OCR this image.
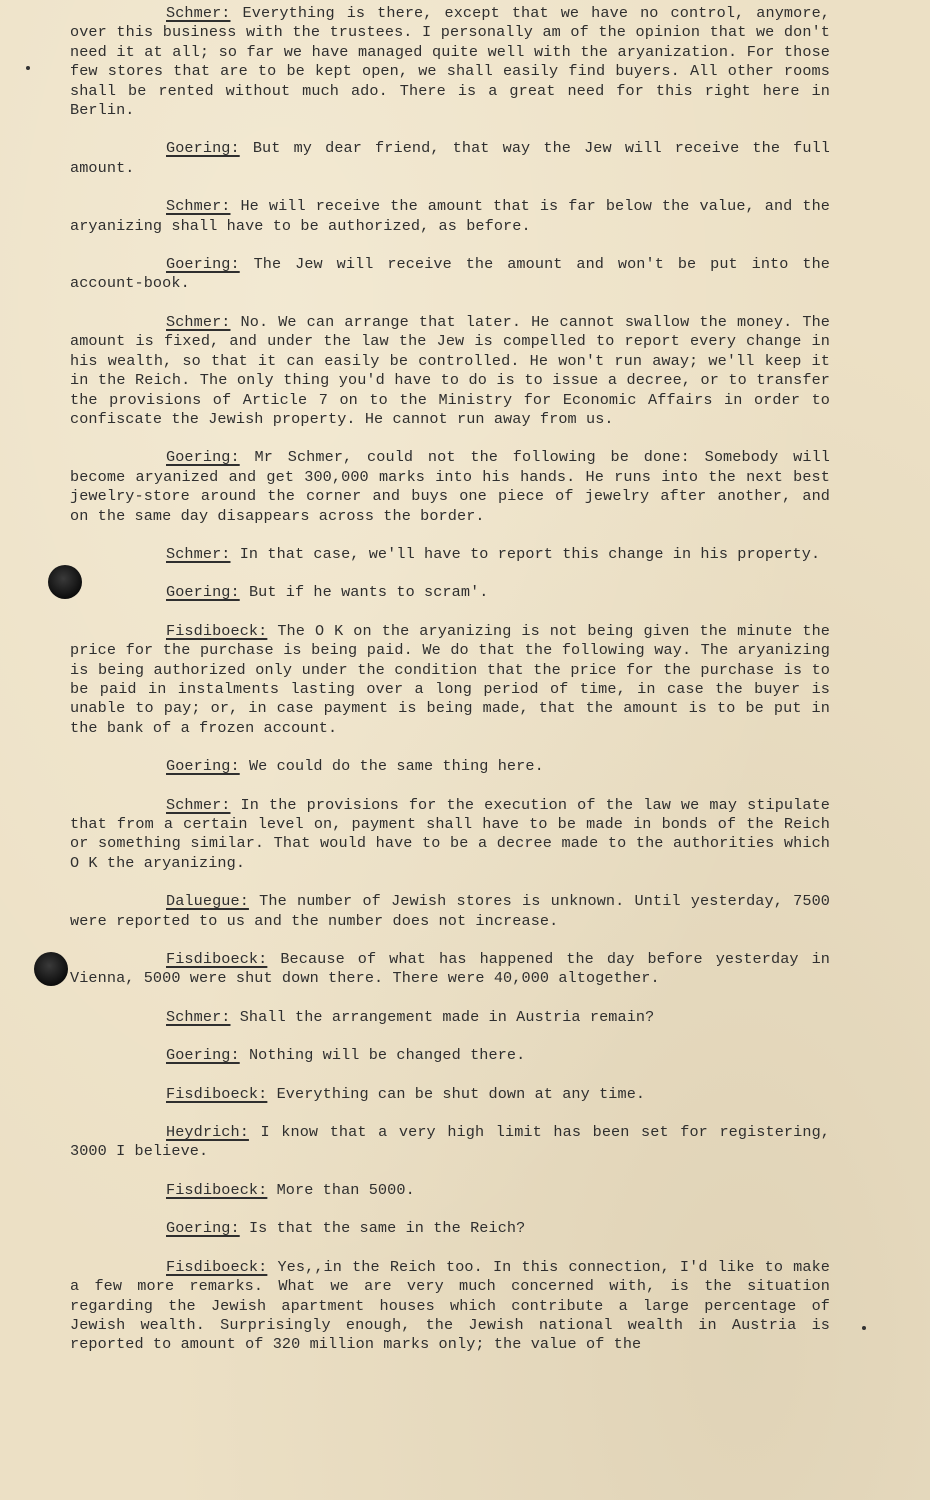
Schmer: Everything is there, except that we have no control, anymore, over this business with the trustees. I personally am of the opinion that we don't need it at all; so far we have managed quite well with the aryanization. For those few stores that are to be kept open, we shall easily find buyers. All other rooms shall be rented without much ado. There is a great need for this right here in Berlin.

Goering: But my dear friend, that way the Jew will receive the full amount.

Schmer: He will receive the amount that is far below the value, and the aryanizing shall have to be authorized, as before.

Goering: The Jew will receive the amount and won't be put into the account-book.

Schmer: No. We can arrange that later. He cannot swallow the money. The amount is fixed, and under the law the Jew is compelled to report every change in his wealth, so that it can easily be controlled. He won't run away; we'll keep it in the Reich. The only thing you'd have to do is to issue a decree, or to transfer the provisions of Article 7 on to the Ministry for Economic Affairs in order to confiscate the Jewish property. He cannot run away from us.

Goering: Mr Schmer, could not the following be done: Somebody will become aryanized and get 300,000 marks into his hands. He runs into the next best jewelry-store around the corner and buys one piece of jewelry after another, and on the same day disappears across the border.

Schmer: In that case, we'll have to report this change in his property.

Goering: But if he wants to scram'.

Fisdiboeck: The O K on the aryanizing is not being given the minute the price for the purchase is being paid. We do that the following way. The aryanizing is being authorized only under the condition that the price for the purchase is to be paid in instalments lasting over a long period of time, in case the buyer is unable to pay; or, in case payment is being made, that the amount is to be put in the bank of a frozen account.

Goering: We could do the same thing here.

Schmer: In the provisions for the execution of the law we may stipulate that from a certain level on, payment shall have to be made in bonds of the Reich or something similar. That would have to be a decree made to the authorities which O K the aryanizing.

Daluegue: The number of Jewish stores is unknown. Until yesterday, 7500 were reported to us and the number does not increase.

Fisdiboeck: Because of what has happened the day before yesterday in Vienna, 5000 were shut down there. There were 40,000 altogether.

Schmer: Shall the arrangement made in Austria remain?

Goering: Nothing will be changed there.

Fisdiboeck: Everything can be shut down at any time.

Heydrich: I know that a very high limit has been set for registering, 3000 I believe.

Fisdiboeck: More than 5000.

Goering: Is that the same in the Reich?

Fisdiboeck: Yes,,in the Reich too. In this connection, I'd like to make a few more remarks. What we are very much concerned with, is the situation regarding the Jewish apartment houses which contribute a large percentage of Jewish wealth. Surprisingly enough, the Jewish national wealth in Austria is reported to amount of 320 million marks only; the value of the
